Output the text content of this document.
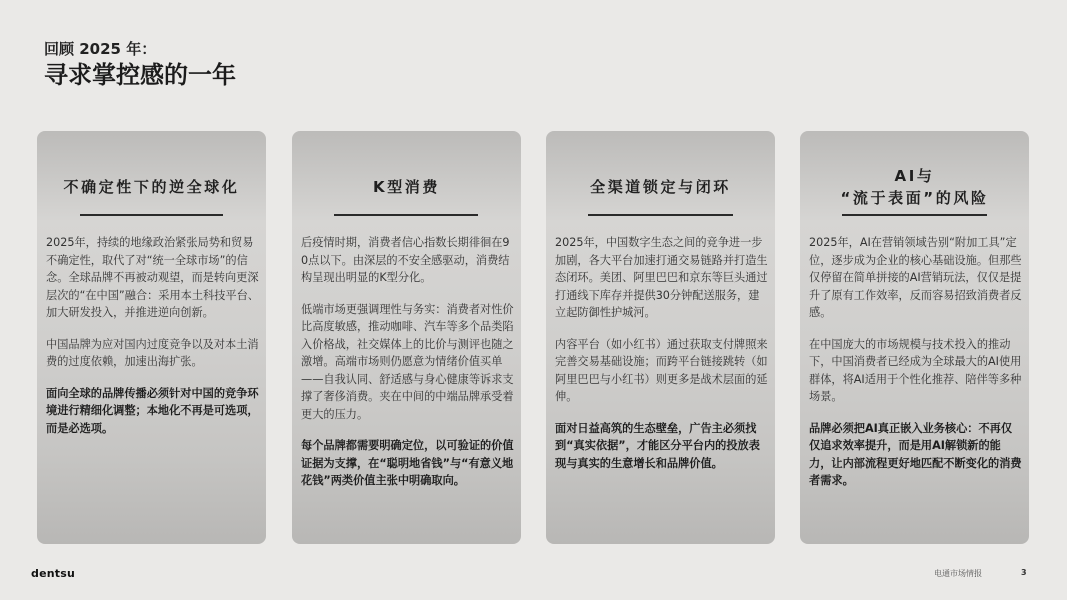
回顾 2025 年：
寻求掌控感的一年
不确定性下的逆全球化

2025年，持续的地缘政治紧张局势和贸易不确定性，取代了对“统一全球市场”的信念。全球品牌不再被动观望，而是转向更深层次的“在中国”融合：采用本土科技平台、加大研发投入，并推进逆向创新。

中国品牌为应对国内过度竞争以及对本土消费的过度依赖，加速出海扩张。

面向全球的品牌传播必须针对中国的竞争环境进行精细化调整；本地化不再是可选项，而是必选项。

K型消费

后疫情时期，消费者信心指数长期徘徊在90点以下。由深层的不安全感驱动，消费结构呈现出明显的K型分化。

低端市场更强调理性与务实：消费者对性价比高度敏感，推动咖啡、汽车等多个品类陷入价格战，社交媒体上的比价与测评也随之激增。高端市场则仍愿意为情绪价值买单——自我认同、舒适感与身心健康等诉求支撑了奢侈消费。夹在中间的中端品牌承受着更大的压力。

每个品牌都需要明确定位，以可验证的价值证据为支撑，在“聪明地省钱”与“有意义地花钱”两类价值主张中明确取向。

全渠道锁定与闭环

2025年，中国数字生态之间的竞争进一步加剧，各大平台加速打通交易链路并打造生态闭环。美团、阿里巴巴和京东等巨头通过打通线下库存并提供30分钟配送服务，建立起防御性护城河。

内容平台（如小红书）通过获取支付牌照来完善交易基础设施；而跨平台链接跳转（如阿里巴巴与小红书）则更多是战术层面的延伸。

面对日益高筑的生态壁垒，广告主必须找到“真实依据”，才能区分平台内的投放表现与真实的生意增长和品牌价值。

AI与
“流于表面”的风险

2025年，AI在营销领域告别“附加工具”定位，逐步成为企业的核心基础设施。但那些仅停留在简单拼接的AI营销玩法，仅仅是提升了原有工作效率，反而容易招致消费者反感。

在中国庞大的市场规模与技术投入的推动下，中国消费者已经成为全球最大的AI使用群体，将AI适用于个性化推荐、陪伴等多种场景。

品牌必须把AI真正嵌入业务核心：不再仅仅追求效率提升，而是用AI解锁新的能力，让内部流程更好地匹配不断变化的消费者需求。

dentsu	电通市场情报	3
